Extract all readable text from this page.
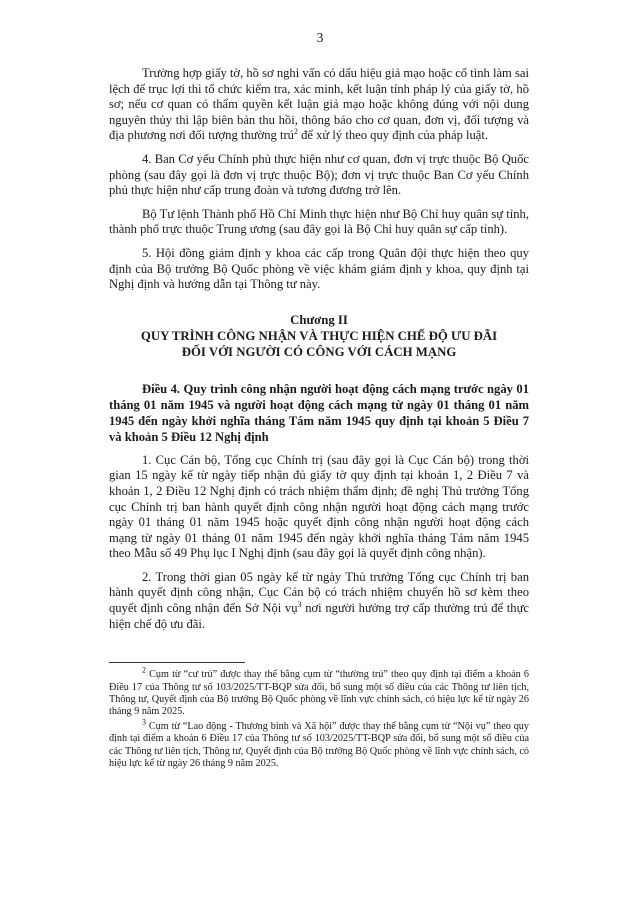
3

Trường hợp giấy tờ, hồ sơ nghi vấn có dấu hiệu giả mạo hoặc cố tình làm sai lệch để trục lợi thì tổ chức kiểm tra, xác minh, kết luận tính pháp lý của giấy tờ, hồ sơ; nếu cơ quan có thẩm quyền kết luận giả mạo hoặc không đúng với nội dung nguyên thủy thì lập biên bản thu hồi, thông báo cho cơ quan, đơn vị, đối tượng và địa phương nơi đối tượng thường trú$^2$ để xử lý theo quy định của pháp luật.

4. Ban Cơ yếu Chính phủ thực hiện như cơ quan, đơn vị trực thuộc Bộ Quốc phòng (sau đây gọi là đơn vị trực thuộc Bộ); đơn vị trực thuộc Ban Cơ yếu Chính phủ thực hiện như cấp trung đoàn và tương đương trở lên.

Bộ Tư lệnh Thành phố Hồ Chí Minh thực hiện như Bộ Chỉ huy quân sự tỉnh, thành phố trực thuộc Trung ương (sau đây gọi là Bộ Chỉ huy quân sự cấp tỉnh).

5. Hội đồng giám định y khoa các cấp trong Quân đội thực hiện theo quy định của Bộ trưởng Bộ Quốc phòng về việc khám giám định y khoa, quy định tại Nghị định và hướng dẫn tại Thông tư này.

Chương II
QUY TRÌNH CÔNG NHẬN VÀ THỰC HIỆN CHẾ ĐỘ ƯU ĐÃI
ĐỐI VỚI NGƯỜI CÓ CÔNG VỚI CÁCH MẠNG

Điều 4. Quy trình công nhận người hoạt động cách mạng trước ngày 01 tháng 01 năm 1945 và người hoạt động cách mạng từ ngày 01 tháng 01 năm 1945 đến ngày khởi nghĩa tháng Tám năm 1945 quy định tại khoản 5 Điều 7 và khoản 5 Điều 12 Nghị định

1. Cục Cán bộ, Tổng cục Chính trị (sau đây gọi là Cục Cán bộ) trong thời gian 15 ngày kể từ ngày tiếp nhận đủ giấy tờ quy định tại khoản 1, 2 Điều 7 và khoản 1, 2 Điều 12 Nghị định có trách nhiệm thẩm định; đề nghị Thủ trưởng Tổng cục Chính trị ban hành quyết định công nhận người hoạt động cách mạng trước ngày 01 tháng 01 năm 1945 hoặc quyết định công nhận người hoạt động cách mạng từ ngày 01 tháng 01 năm 1945 đến ngày khởi nghĩa tháng Tám năm 1945 theo Mẫu số 49 Phụ lục I Nghị định (sau đây gọi là quyết định công nhận).

2. Trong thời gian 05 ngày kể từ ngày Thủ trưởng Tổng cục Chính trị ban hành quyết định công nhận, Cục Cán bộ có trách nhiệm chuyển hồ sơ kèm theo quyết định công nhận đến Sở Nội vụ$^3$ nơi người hưởng trợ cấp thường trú để thực hiện chế độ ưu đãi.

$^2$ Cụm từ “cư trú” được thay thế bằng cụm từ “thường trú” theo quy định tại điểm a khoản 6 Điều 17 của Thông tư số 103/2025/TT-BQP sửa đổi, bổ sung một số điều của các Thông tư liên tịch, Thông tư, Quyết định của Bộ trưởng Bộ Quốc phòng về lĩnh vực chính sách, có hiệu lực kể từ ngày 26 tháng 9 năm 2025.

$^3$ Cụm từ “Lao động - Thương binh và Xã hội” được thay thế bằng cụm từ “Nội vụ” theo quy định tại điểm a khoản 6 Điều 17 của Thông tư số 103/2025/TT-BQP sửa đổi, bổ sung một số điều của các Thông tư liên tịch, Thông tư, Quyết định của Bộ trưởng Bộ Quốc phòng về lĩnh vực chính sách, có hiệu lực kể từ ngày 26 tháng 9 năm 2025.
